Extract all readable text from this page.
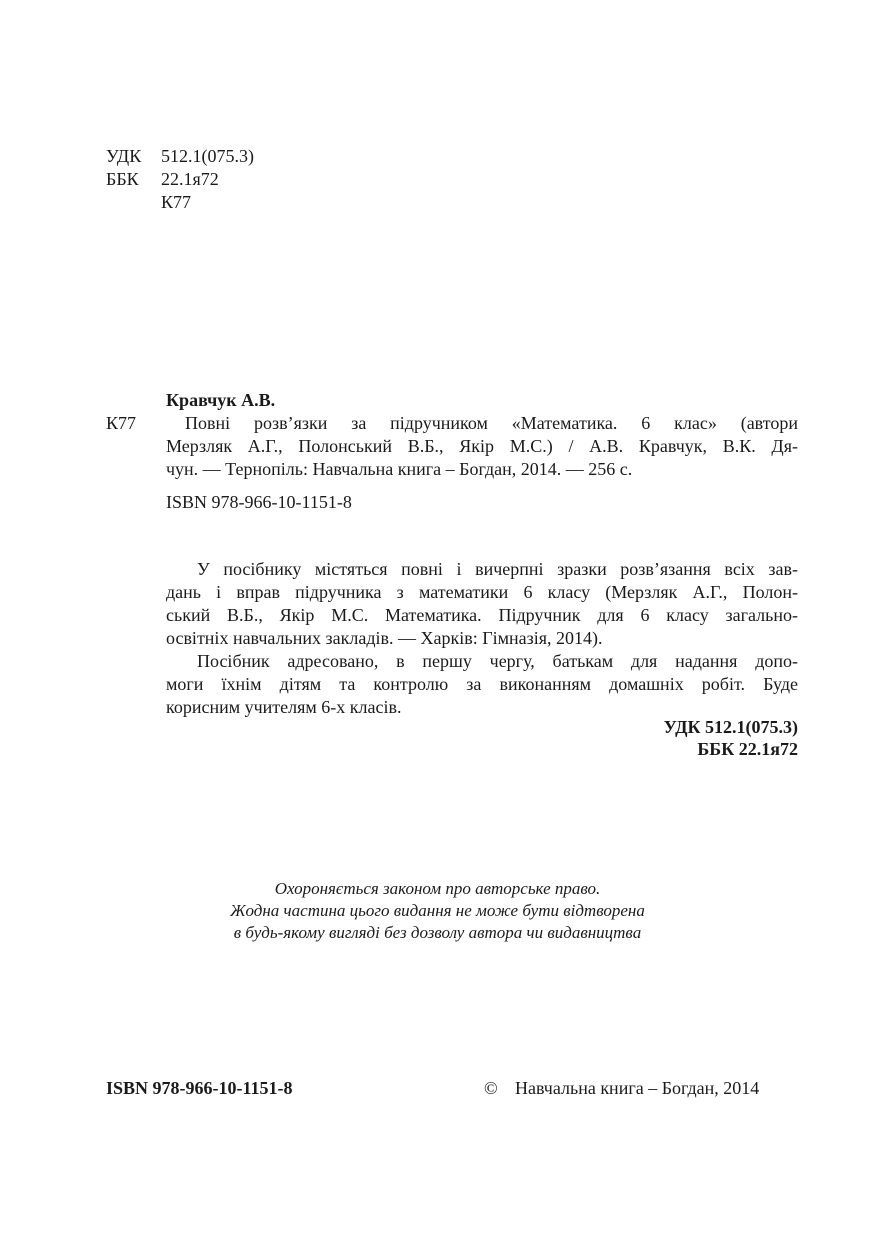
УДК 512.1(075.3)
ББК 22.1я72
К77
Кравчук А.В.
К77	Повні розв’язки за підручником «Математика. 6 клас» (автори
Мерзляк А.Г., Полонський В.Б., Якір М.С.) / А.В. Кравчук, В.К. Дя-
чун. — Тернопіль: Навчальна книга – Богдан, 2014. — 256 с.
ISBN 978-966-10-1151-8
У посібнику містяться повні і вичерпні зразки розв’язання всіх зав-
дань і вправ підручника з математики 6 класу (Мерзляк А.Г., Полон-
ський В.Б., Якір М.С. Математика. Підручник для 6 класу загально-
освітніх навчальних закладів. — Харків: Гімназія, 2014).
Посібник адресовано, в першу чергу, батькам для надання допо-
моги їхнім дітям та контролю за виконанням домашніх робіт. Буде
корисним учителям 6-х класів.
УДК 512.1(075.3)
ББК 22.1я72
Охороняється законом про авторське право.
Жодна частина цього видання не може бути відтворена
в будь-якому вигляді без дозволу автора чи видавництва
ISBN 978-966-10-1151-8	© Навчальна книга – Богдан, 2014
